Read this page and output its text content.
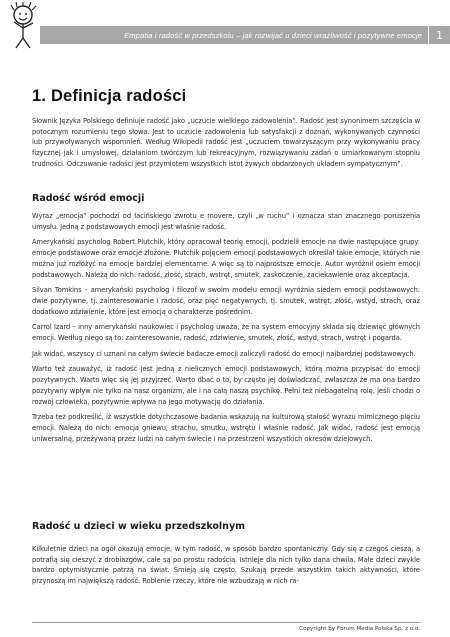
Empatia i radość w przedszkolu – jak rozwijać u dzieci wrażliwość i pozytywne emocje	1
1. Definicja radości

Słownik Języka Polskiego definiuje radość jako „uczucie wielkiego zadowolenia”. Radość jest synonimem szczęścia w potocznym rozumieniu tego słowa. Jest to uczucie zadowolenia lub satysfakcji z doznań, wykonywanych czynności lub przywoływanych wspomnień. Według Wikipedii radość jest „uczuciem towarzyszącym przy wykonywaniu pracy fizycznej jak i umysłowej, działaniom twórczym lub rekreacyjnym, rozwiązywaniu zadań o umiarkowanym stopniu trudności. Odczuwanie radości jest przymiotem wszystkich istot żywych obdarzonych układem sympatycznym”.

Radość wśród emocji

Wyraz „emocja” pochodzi od łacińskiego zwrotu e movere, czyli „w ruchu” i oznacza stan znacznego poruszenia umysłu. Jedną z podstawowych emocji jest właśnie radość.

Amerykański psycholog Robert Plutchik, który opracował teorię emocji, podzielił emocje na dwie następujące grupy: emocje podstawowe oraz emocje złożone. Plutchik pojęciem emocji podstawowych określał takie emocje, których nie można już rozłożyć na emocje bardziej elementarne. A więc są to najprostsze emocje. Autor wyróżnił osiem emocji podstawowych. Należą do nich: radość, złość, strach, wstręt, smutek, zaskoczenie, zaciekawienie oraz akceptacja.

Silvan Tomkins – amerykański psycholog i filozof w swoim modelu emocji wyróżnia siedem emocji podstawowych: dwie pozytywne, tj. zainteresowanie i radość, oraz pięć negatywnych, tj. smutek, wstręt, złość, wstyd, strach, oraz dodatkowo zdziwienie, które jest emocją o charakterze pośrednim.

Carrol Izard – inny amerykański naukowiec i psycholog uważa, że na system emocyjny składa się dziewięć głównych emocji. Według niego są to: zainteresowanie, radość, zdziwienie, smutek, złość, wstyd, strach, wstręt i pogarda.

Jak widać, wszyscy ci uznani na całym świecie badacze emocji zaliczyli radość do emocji najbardziej podstawowych.

Warto też zauważyć, iż radość jest jedną z nielicznych emocji podstawowych, którą można przypisać do emocji pozytywnych. Warto więc się jej przyjrzeć. Warto dbać o to, by często jej doświadczać, zwłaszcza że ma ona bardzo pozytywny wpływ nie tylko na nasz organizm, ale i na całą naszą psychikę. Pełni też niebagatelną rolę, jeśli chodzi o rozwój człowieka, pozytywnie wpływa na jego motywację do działania.

Trzeba też podkreślić, iż wszystkie dotychczasowe badania wskazują na kulturową stałość wyrazu mimicznego pięciu emocji. Należą do nich: emocja gniewu, strachu, smutku, wstrętu i właśnie radość. Jak widać, radość jest emocją uniwersalną, przeżywaną przez ludzi na całym świecie i na przestrzeni wszystkich okresów dziejowych.

Radość u dzieci w wieku przedszkolnym

Kilkuletnie dzieci na ogół okazują emocje, w tym radość, w sposób bardzo spontaniczny. Gdy się z czegoś cieszą, a potrafią się cieszyć z drobiazgów, całe są po prostu radością. Istnieje dla nich tylko dana chwila. Małe dzieci zwykle bardzo optymistycznie patrzą na świat. Śmieją się często. Szukają przede wszystkim takich aktywności, które przynoszą im największą radość. Roblenie rzeczy, które nie wzbudzają w nich ra-

Copyright by Forum Media Polska Sp. z o.o.
